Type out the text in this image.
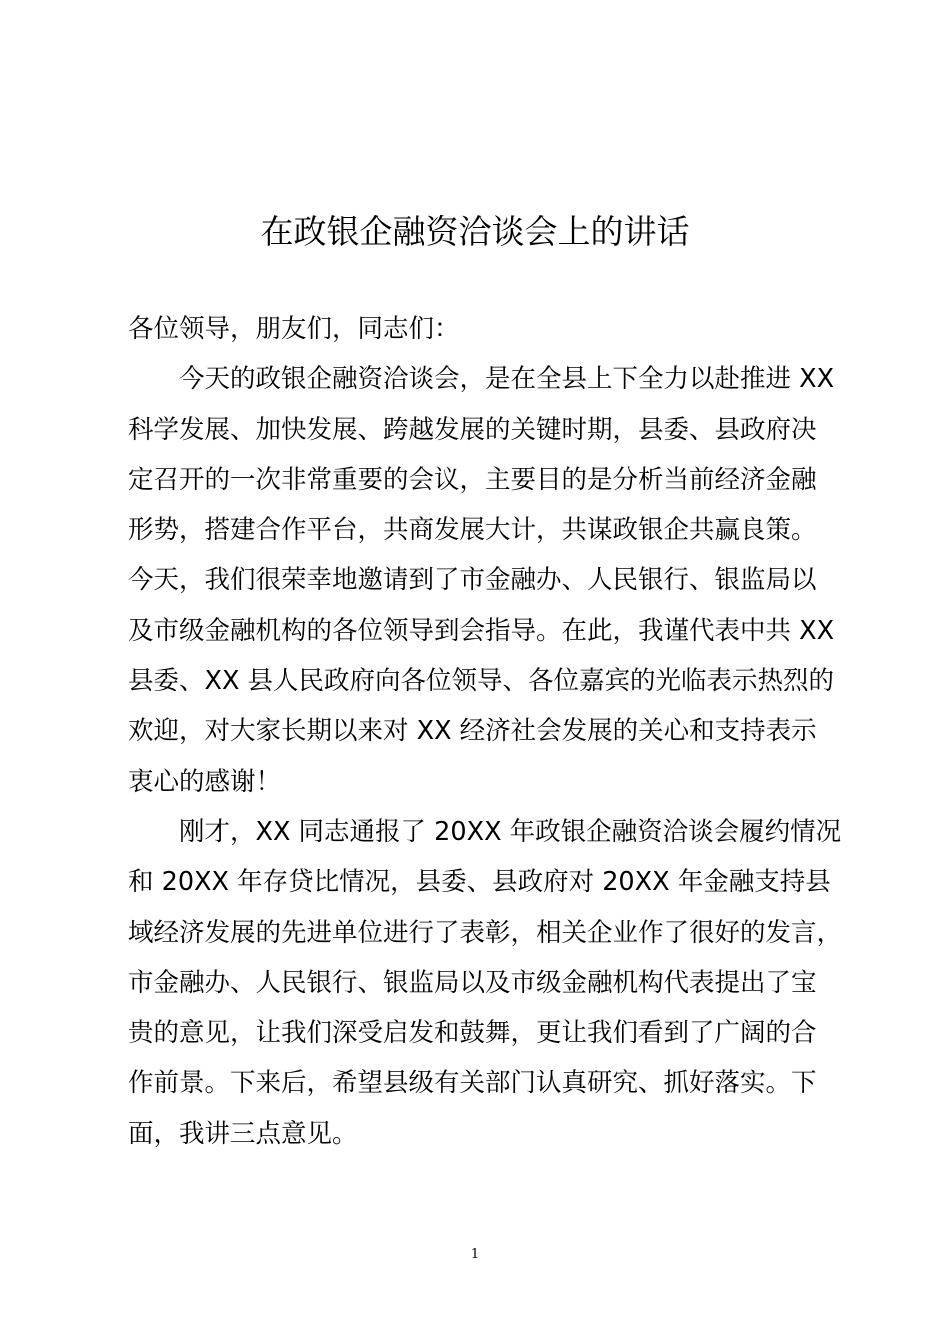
在政银企融资洽谈会上的讲话
各位领导，朋友们，同志们：
今天的政银企融资洽谈会，是在全县上下全力以赴推进 XX
科学发展、加快发展、跨越发展的关键时期，县委、县政府决
定召开的一次非常重要的会议，主要目的是分析当前经济金融
形势，搭建合作平台，共商发展大计，共谋政银企共赢良策。
今天，我们很荣幸地邀请到了市金融办、人民银行、银监局以
及市级金融机构的各位领导到会指导。在此，我谨代表中共 XX
县委、XX 县人民政府向各位领导、各位嘉宾的光临表示热烈的
欢迎，对大家长期以来对 XX 经济社会发展的关心和支持表示
衷心的感谢！
刚才，XX 同志通报了 20XX 年政银企融资洽谈会履约情况
和 20XX 年存贷比情况，县委、县政府对 20XX 年金融支持县
域经济发展的先进单位进行了表彰，相关企业作了很好的发言，
市金融办、人民银行、银监局以及市级金融机构代表提出了宝
贵的意见，让我们深受启发和鼓舞，更让我们看到了广阔的合
作前景。下来后，希望县级有关部门认真研究、抓好落实。下
面，我讲三点意见。
1
